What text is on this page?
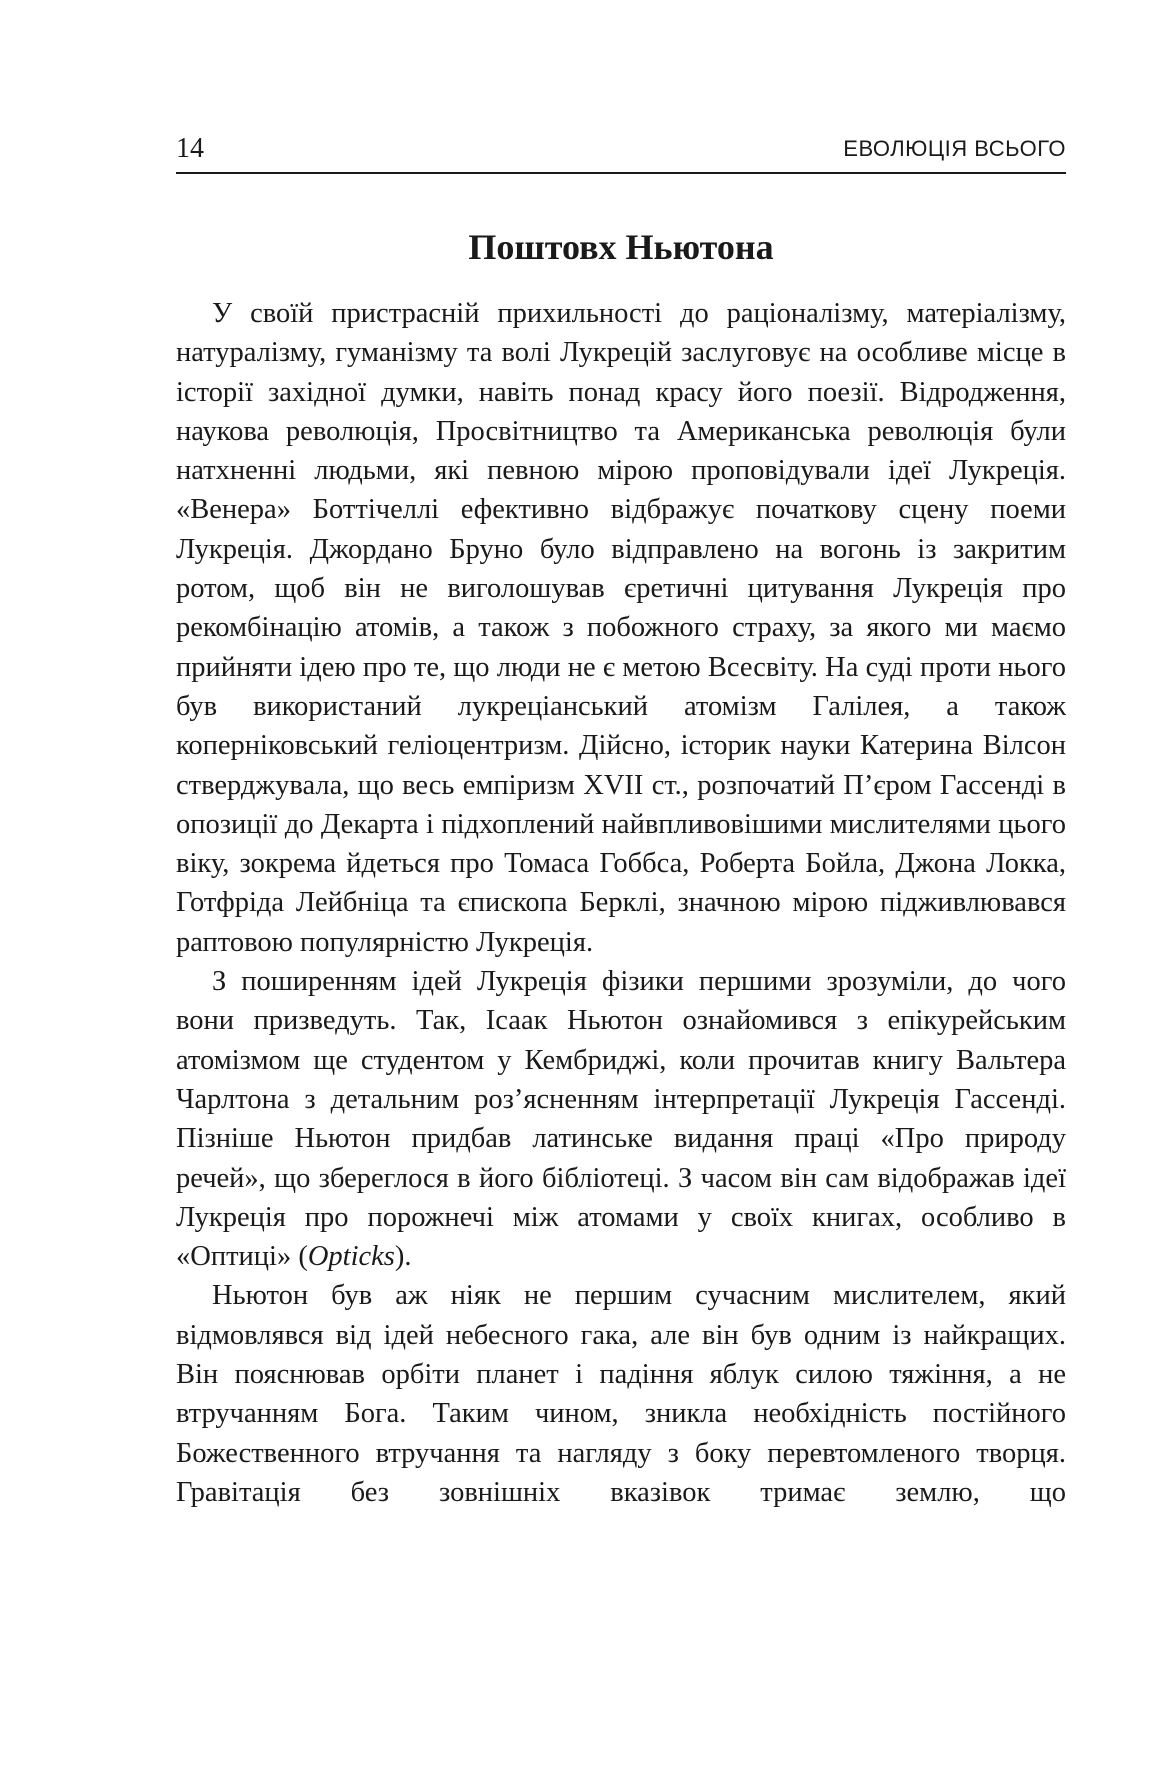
14	ЕВОЛЮЦІЯ ВСЬОГО
Поштовх Ньютона

У своїй пристрасній прихильності до раціоналізму, матеріалізму, натуралізму, гуманізму та волі Лукрецій заслуговує на особливе місце в історії західної думки, навіть понад красу його поезії. Відродження, наукова революція, Просвітництво та Американська революція були натхненні людьми, які певною мірою проповідували ідеї Лукреція. «Венера» Боттічеллі ефективно відбражує початкову сцену поеми Лукреція. Джордано Бруно було відправлено на вогонь із закритим ротом, щоб він не виголошував єретичні цитування Лукреція про рекомбінацію атомів, а також з побожного страху, за якого ми маємо прийняти ідею про те, що люди не є метою Всесвіту. На суді проти нього був використаний лукреціанський атомізм Галілея, а також коперніковський геліоцентризм. Дійсно, історик науки Катерина Вілсон стверджувала, що весь емпіризм XVII ст., розпочатий П’єром Гассенді в опозиції до Декарта і підхоплений найвпливовішими мислителями цього віку, зокрема йдеться про Томаса Гоббса, Роберта Бойла, Джона Локка, Готфріда Лейбніца та єпископа Берклі, значною мірою підживлювався раптовою популярністю Лукреція.

З поширенням ідей Лукреція фізики першими зрозуміли, до чого вони призведуть. Так, Ісаак Ньютон ознайомився з епікурейським атомізмом ще студентом у Кембриджі, коли прочитав книгу Вальтера Чарлтона з детальним роз’ясненням інтерпретації Лукреція Гассенді. Пізніше Ньютон придбав латинське видання праці «Про природу речей», що збереглося в його бібліотеці. З часом він сам відображав ідеї Лукреція про порожнечі між атомами у своїх книгах, особливо в «Оптиці» (Opticks).

Ньютон був аж ніяк не першим сучасним мислителем, який відмовлявся від ідей небесного гака, але він був одним із найкращих. Він пояснював орбіти планет і падіння яблук силою тяжіння, а не втручанням Бога. Таким чином, зникла необхідність постійного Божественного втручання та нагляду з боку перевтомленого творця. Гравітація без зовнішніх вказівок тримає землю, що
